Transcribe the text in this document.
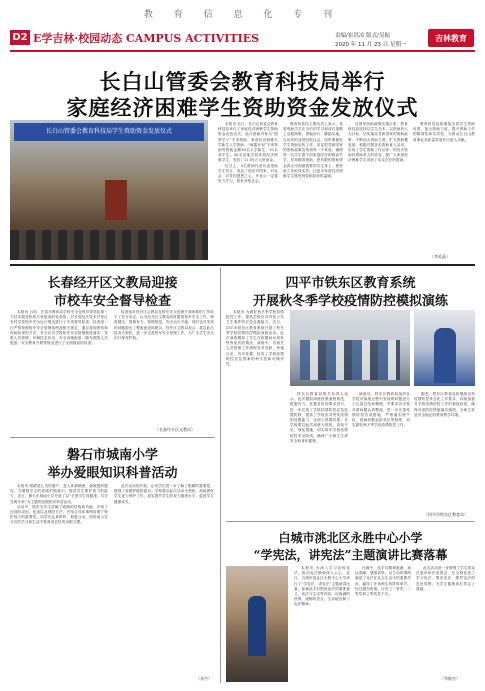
教 育 信 息 化 专 刊
D2 E学吉林·校园动态 CAMPUS ACTIVITIES	责编/崔洪凉 版式/吴振
2020 年 11 月 23 日 星期一
吉林教育
长白山管委会教育科技局举行
家庭经济困难学生资助资金发放仪式
长白山管委会教育科技局学生资助资金发放仪式

本报讯 近日，长白山管委会教育科技局举行了家庭经济困难学生资助资金发放仪式。此次资助对象为“圆梦学子”专项资助、家庭经济困难大学新生入学资助、“雨露计划”专项资助等资助金额30名大学新生，31名高中生，40名其他学段家庭经济困难学生，发放了11.55万元资助金。

仪式上，3名教师代表代表受助学生发言，表达了他们对国家、对社会、对党的感恩之心，并表示一定要努力学习，将来回报社会。

教育科技局主要负责人表示，希望受助学生在今后的学习和成长道路上克服困难，勇毅前行、脚踏实地，以优异的成绩回报社会。同时要做好学生资助宣传工作，切实把党和国家的资助政策宣传到每一个家庭，确保每一名学生都不因家庭经济困难而失学，坚持精准资助，把有限的资助资金真正用到最需要的学生身上，使资助工作取得实效，让更多家庭经济困难学生感受到党和政府的温暖。

自国家资助政策实施以来，教育科技局坚持以学生为本，以资助育人为目标，切实落实党和国家的资助政策，不断加大资助力度，扩大资助覆盖面，积极开展各类资助育人活动，实现了学生资助工作从单一的经济资助向资助育人的转变，使广大家庭经济困难学生得到了实实在在的帮助。

教育科技局将继续完善学生资助体系，加大资助力度，提升资助工作的精准性和实效性，为推动长白山教育事业高质量发展作出更大贡献。

（李延晶）
长春经开区文教局迎接
市校车安全督导检查

本报讯 日前，长春市教育局学校安全处领导带领由第三方技术服务机构专家组成的检查组，对长春经济技术开发区农村学校校车安全运行情况进行了专项督导检查。检查组一行严格按照校车安全管理条例及相关规定，通过查阅资料和现场检查的方式，对全区各学校校车安全管理制度落实、驾驶人员管理、车辆技术状况、安全设施配备、随车照管人员配备、安全教育开展等情况进行了全面细致的检查。

检查组对经开区文教局在校车安全管理方面所做的工作给予了充分肯定，认为经开区文教局高度重视校车安全工作，制度健全，措施有力，管理规范，安全运行平稳，同时也对发现的问题提出了整改意见和建议。经开区文教局表示，将以此次检查为契机，进一步完善校车安全管理工作，为广大学生安全出行保驾护航。

（长春经开区文教局）
磐石市城南小学
举办爱眼知识科普活动

本报讯 眼睛是心灵的窗户，是人体最精密、最敏感的器官。为增强学生的爱眼护眼意识，提高学生保护视力的能力，近日，磐石市城南小学开展了以“关爱学生视健康，共享光明未来”为主题的爱眼知识科普活动。

活动中，校医为学生讲解了眼睛的结构和功能，介绍了近视的成因、危害以及预防方法，并结合具体事例说明了保护视力的重要性。同学们认真聆听，积极互动，纷纷表示在今后的学习和生活中要养成良好的用眼习惯。

此次活动的开展，让同学们进一步了解了眼睛的重要性，增强了爱眼护眼的意识。学校将以此次活动为契机，持续做好学生视力保护工作，切实提升学生的视力健康水平，促进学生健康成长。

（刘丹）
四平市铁东区教育系统
开展秋冬季学校疫情防控模拟演练

本报讯 为做好秋冬季学校疫情防控工作，提高学校应对突发公共卫生事件的应急处置能力，近日，四平市铁东区教育系统开展了秋冬季学校疫情防控模拟演练活动。此次演练模拟了学生在校期间出现发热等症状的情况，演练中，各相关人员按照工作流程各司其职，快速反应，有序处置，检验了学校疫情防控应急预案的科学性和可操作性。

铁东区教育局相关负责人表示，此次模拟演练按照流程规范、措施有力、处置及时的要求进行，进一步完善了学校疫情防控应急处置机制，提高了学校应对突发疫情的处置能力，达到了预期效果。各学校要以此次演练为契机，查找不足，细化措施，切实筑牢学校疫情防控安全防线，确保广大师生生命安全和身体健康。

演练后，铁东区教育局组织各学校对演练过程中发现的问题进行了认真总结和梳理，并要求各学校对照问题认真整改，进一步完善疫情防控各项措施，严格落实晨午检、因病缺勤追踪登记等制度，切实做好秋冬季学校疫情防控工作。

据悉，铁东区教育局将继续坚持疫情防控常态化工作要求，持续加强对学校疫情防控工作的督促检查，确保各项防控措施落实落细，为师生营造安全稳定的教育教学环境。

（四平市铁东区教育局）
白城市洮北区永胜中心小学
“学宪法，讲宪法”主题演讲比赛落幕

本报讯 为深入学习宣传宪法，推动宪法精神深入人心，近日，白城市洮北区永胜中心小学举行了“学宪法，讲宪法”主题演讲比赛。参赛选手们围绕宪法的重要意义、宪法与生活等内容，用饱满的热情、流畅的语言，生动地诠释了宪法精神。

比赛中，选手们精神饱满，表达清晰，感情真挚，以生动的事例阐述了宪法在社会生活中的重要作用，赢得了在场师生的阵阵掌声。经过激烈角逐，评出了一等奖、二等奖和三等奖若干名。

此次活动进一步增强了学生的宪法意识和法治观念，在全校营造了学习宪法、尊崇宪法、维护宪法的良好氛围，为学生健康成长奠定了基础。

（李敏杰）
